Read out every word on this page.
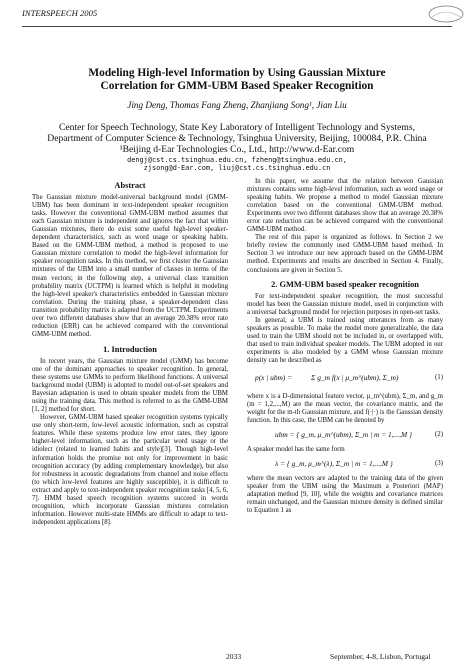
INTERSPEECH 2005
Modeling High-level Information by Using Gaussian Mixture
Correlation for GMM-UBM Based Speaker Recognition
Jing Deng, Thomas Fang Zheng, Zhanjiang Song¹, Jian Liu
Center for Speech Technology, State Key Laboratory of Intelligent Technology and Systems,
Department of Computer Science & Technology, Tsinghua University, Beijing, 100084, P.R. China
¹Beijing d-Ear Technologies Co., Ltd., http://www.d-Ear.com
dengj@cst.cs.tsinghua.edu.cn, fzheng@tsinghua.edu.cn,
zjsong@d-Ear.com, liuj@cst.cs.tsinghua.edu.cn
Abstract

The Gaussian mixture model-universal background model (GMM-UBM) has been dominant in text-independent speaker recognition tasks. However the conventional GMM-UBM method assumes that each Gaussian mixture is independent and ignores the fact that within Gaussian mixtures, there do exist some useful high-level speaker-dependent characteristics, such as word usage or speaking habits. Based on the GMM-UBM method, a method is proposed to use Gaussian mixture correlation to model the high-level information for speaker recognition tasks. In this method, we first cluster the Gaussian mixtures of the UBM into a small number of classes in terms of the mean vectors; in the following step, a universal class transition probability matrix (UCTPM) is learned which is helpful in modeling the high-level speaker's characteristics embedded in Gaussian mixture correlation. During the training phase, a speaker-dependent class transition probability matrix is adapted from the UCTPM. Experiments over two different databases show that an average 20.38% error rate reduction (ERR) can be achieved compared with the conventional GMM-UBM method.

1. Introduction

In recent years, the Gaussian mixture model (GMM) has become one of the dominant approaches to speaker recognition. In general, these systems use GMMs to perform likelihood functions. A universal background model (UBM) is adopted to model out-of-set speakers and Bayesian adaptation is used to obtain speaker models from the UBM using the training data. This method is referred to as the GMM-UBM [1, 2] method for short.

However, GMM-UBM based speaker recognition systems typically use only short-term, low-level acoustic information, such as cepstral features. While these systems produce low error rates, they ignore higher-level information, such as the particular word usage or the idiolect (related to learned habits and style)[3]. Though high-level information holds the promise not only for improvement in basic recognition accuracy (by adding complementary knowledge), but also for robustness in acoustic degradations from channel and noise effects (to which low-level features are highly susceptible), it is difficult to extract and apply to text-independent speaker recognition tasks [4, 5, 6, 7]. HMM based speech recognition systems succeed in words recognition, which incorporate Gaussian mixtures correlation information. However multi-state HMMs are difficult to adapt to text-independent applications [8].

In this paper, we assume that the relation between Gaussian mixtures contains some high-level information, such as word usage or speaking habits. We propose a method to model Gaussian mixture correlation based on the conventional GMM-UBM method. Experiments over two different databases show that an average 20.38% error rate reduction can be achieved compared with the conventional GMM-UBM method.

The rest of this paper is organized as follows. In Section 2 we briefly review the commonly used GMM-UBM based method. In Section 3 we introduce our new approach based on the GMM-UBM method. Experiments and results are described in Section 4. Finally, conclusions are given in Section 5.

2. GMM-UBM based speaker recognition

For text-independent speaker recognition, the most successful model has been the Gaussian mixture model, used in conjunction with a universal background model for rejection purposes in open-set tasks.

In general, a UBM is trained using utterances from as many speakers as possible. To make the model more generalizable, the data used to train the UBM should not be included in, or overlapped with, that used to train individual speaker models. The UBM adopted in our experiments is also modeled by a GMM whose Gaussian mixture density can be described as

p(x | ubm) =	Σ g_m f(x | μ_m^(ubm), Σ_m)	(1)

where x is a D-dimensional feature vector, μ_m^(ubm), Σ_m, and g_m (m = 1,2,...,M) are the mean vector, the covariance matrix, and the weight for the m-th Gaussian mixture, and f(·|·) is the Gaussian density function. In this case, the UBM can be denoted by

ubm = { g_m, μ_m^(ubm), Σ_m | m = 1,...,M }	(2)

A speaker model has the same form

λ = { g_m, μ_m^(λ), Σ_m | m = 1,...,M }	(3)

where the mean vectors are adapted to the training data of the given speaker from the UBM using the Maximum a Posteriori (MAP) adaptation method [9, 10], while the weights and covariance matrices remain unchanged, and the Gaussian mixture density is defined similar to Equation 1 as

2033	September, 4-8, Lisbon, Portugal
